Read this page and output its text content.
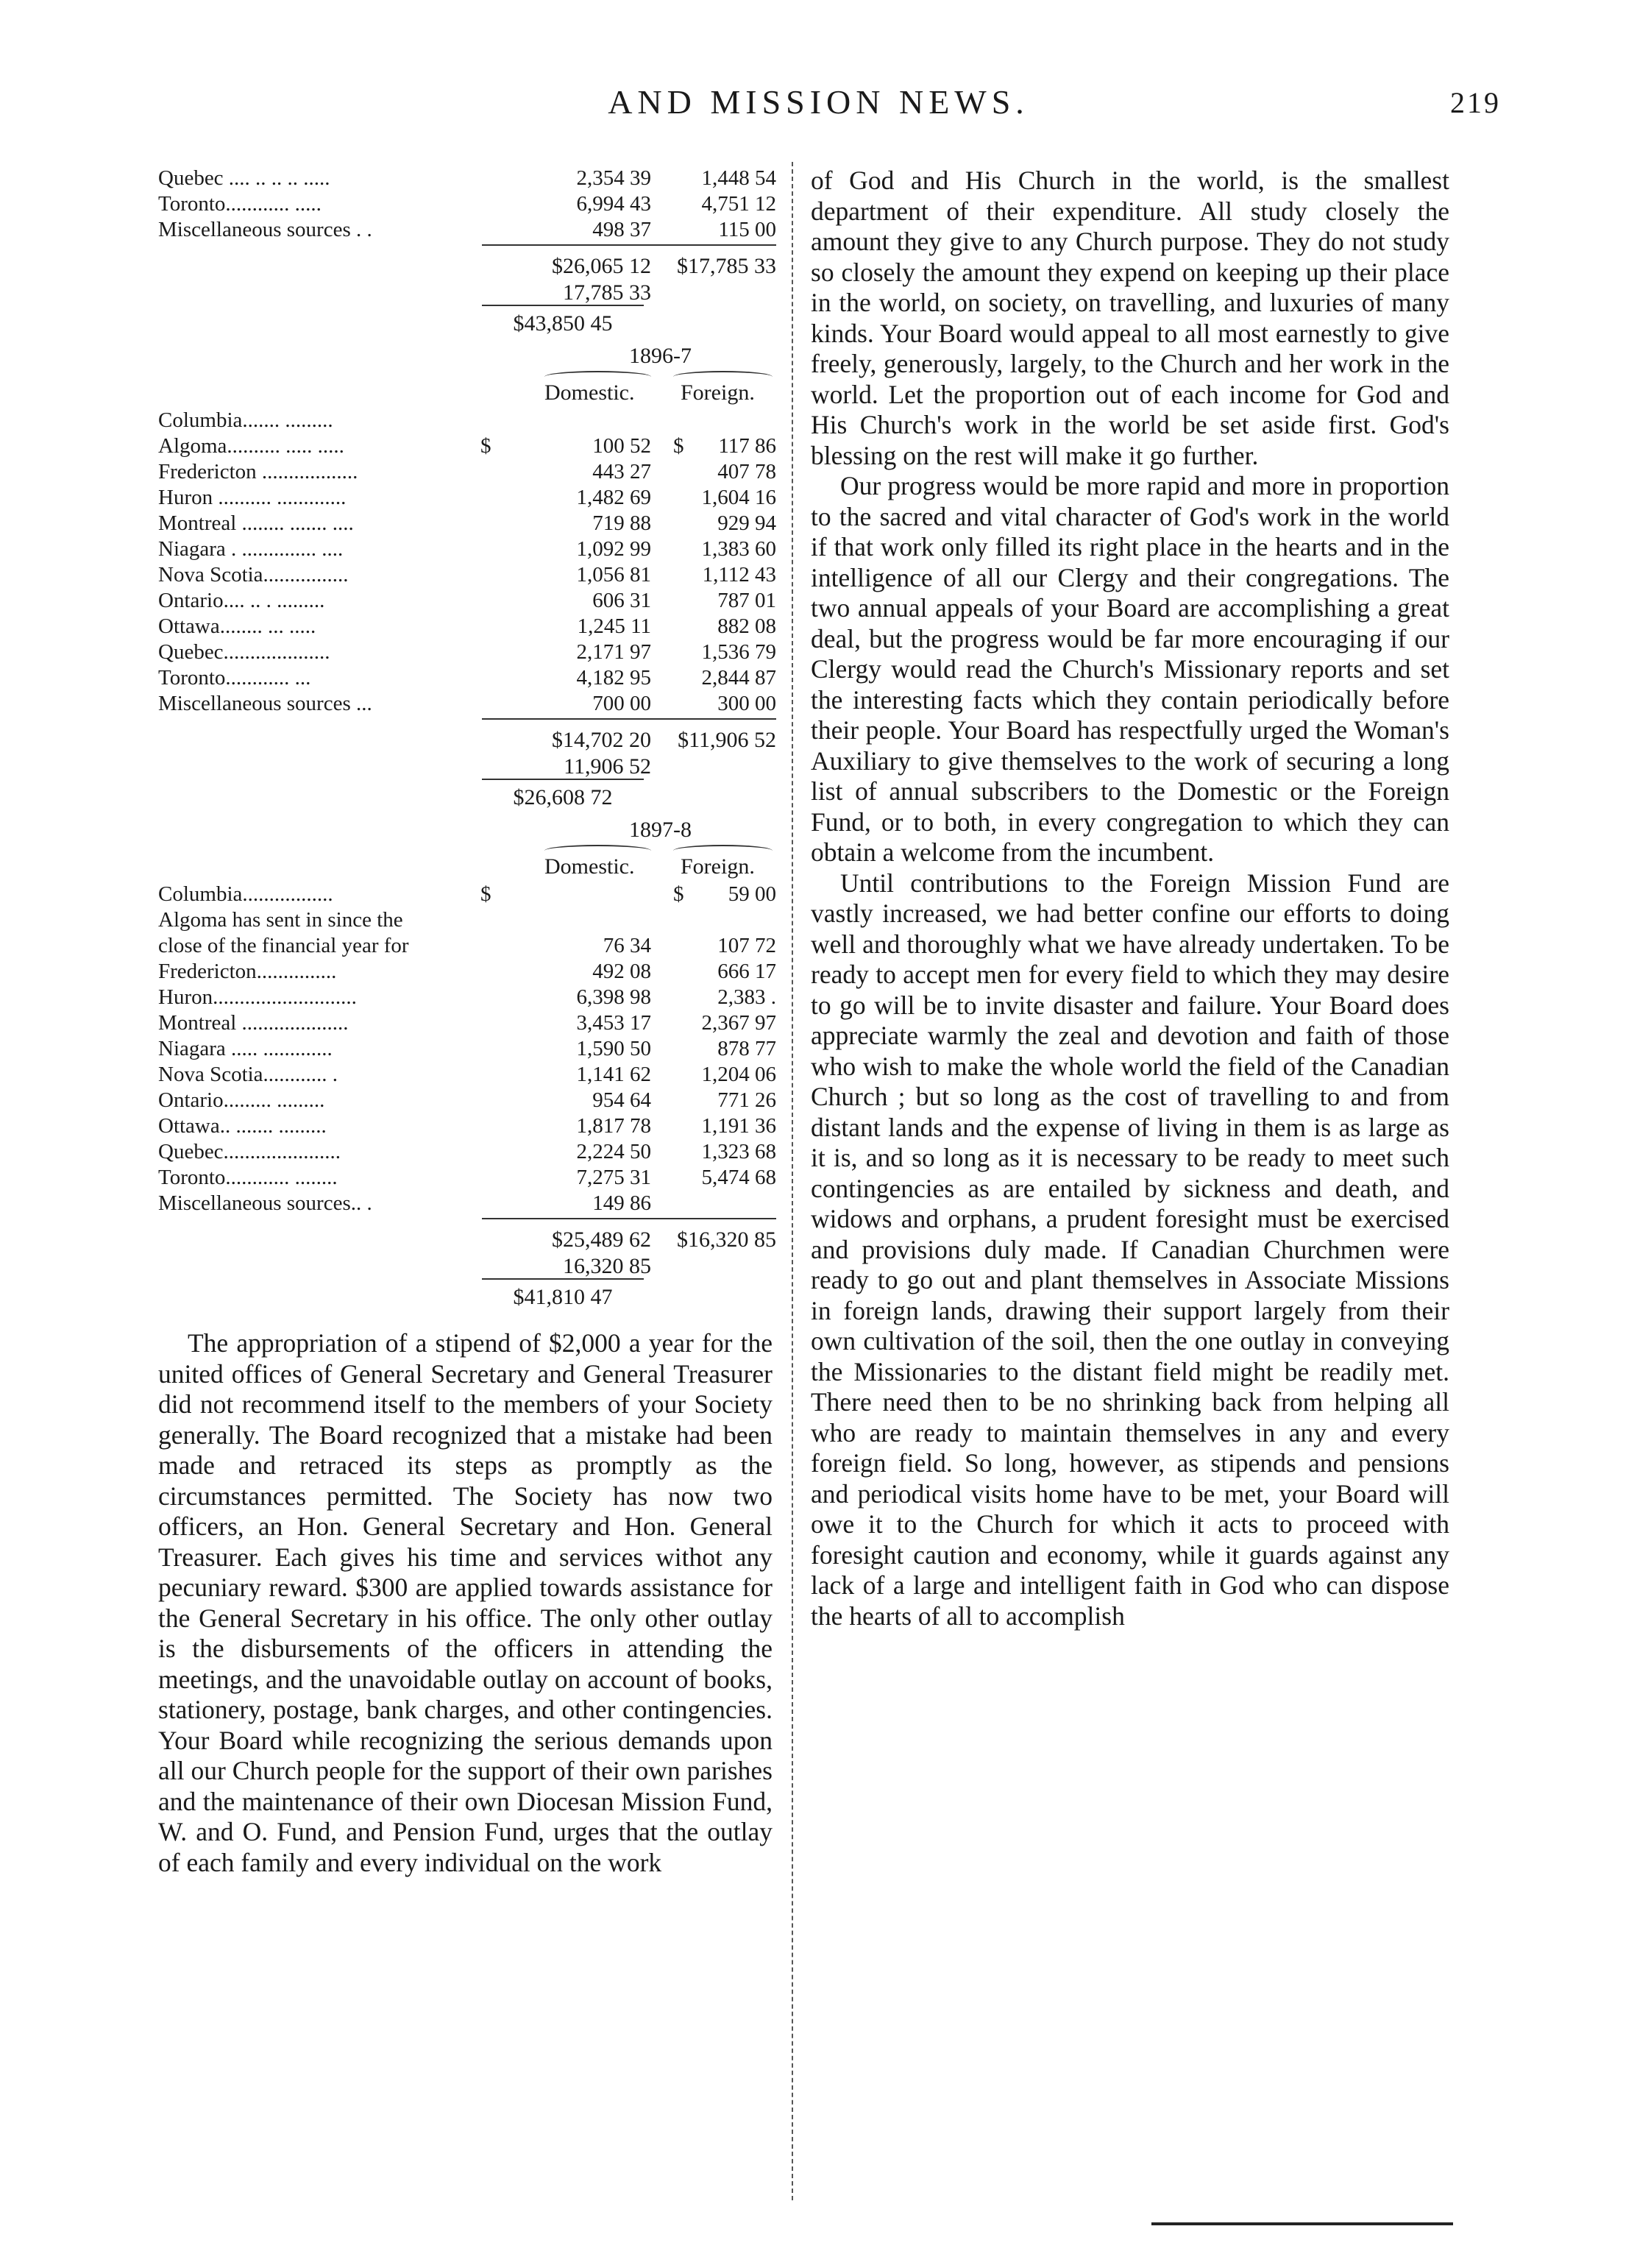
AND MISSION NEWS.	219
Quebec .... .. .. .. .....	2,354 39	1,448 54
Toronto............ .....	6,994 43	4,751 12
Miscellaneous sources . .	498 37	115 00
$26,065 12	$17,785 33
17,785 33
$43,850 45
1896-7
Domestic. Foreign.
Columbia....... .........
Algoma.......... ..... .....	$	100 52 $	117 86
Fredericton ..................	443 27	407 78
Huron .......... .............	1,482 69	1,604 16
Montreal ........ ....... ....	719 88	929 94
Niagara . .............. ....	1,092 99	1,383 60
Nova Scotia................	1,056 81	1,112 43
Ontario.... .. . .........	606 31	787 01
Ottawa........ ... .....	1,245 11	882 08
Quebec....................	2,171 97	1,536 79
Toronto............ ...	4,182 95	2,844 87
Miscellaneous sources ...	700 00	300 00
$14,702 20	$11,906 52
11,906 52
$26,608 72
1897-8
Domestic. Foreign.
Columbia.................	$	$	59 00
Algoma has sent in since the
close of the financial year for	76 34	107 72
Fredericton...............	492 08	666 17
Huron...........................	6,398 98	2,383 .
Montreal ....................	3,453 17	2,367 97
Niagara ..... .............	1,590 50	878 77
Nova Scotia............ .	1,141 62	1,204 06
Ontario......... .........	954 64	771 26
Ottawa.. ....... .........	1,817 78	1,191 36
Quebec......................	2,224 50	1,323 68
Toronto............ ........	7,275 31	5,474 68
Miscellaneous sources.. .	149 86
$25,489 62	$16,320 85
16,320 85
$41,810 47

The appropriation of a stipend of $2,000 a year for the united offices of General Secretary and General Treasurer did not recommend itself to the members of your Society generally. The Board recognized that a mistake had been made and retraced its steps as promptly as the circumstances permitted. The Society has now two officers, an Hon. General Secretary and Hon. General Treasurer. Each gives his time and services withot any pecuniary reward. $300 are applied towards assistance for the General Secretary in his office. The only other outlay is the disbursements of the officers in attending the meetings, and the unavoidable outlay on account of books, stationery, postage, bank charges, and other contingencies. Your Board while recognizing the serious demands upon all our Church people for the support of their own parishes and the maintenance of their own Diocesan Mission Fund, W. and O. Fund, and Pension Fund, urges that the outlay of each family and every individual on the work

of God and His Church in the world, is the smallest department of their expenditure. All study closely the amount they give to any Church purpose. They do not study so closely the amount they expend on keeping up their place in the world, on society, on travelling, and luxuries of many kinds. Your Board would appeal to all most earnestly to give freely, generously, largely, to the Church and her work in the world. Let the proportion out of each income for God and His Church's work in the world be set aside first. God's blessing on the rest will make it go further.

Our progress would be more rapid and more in proportion to the sacred and vital character of God's work in the world if that work only filled its right place in the hearts and in the intelligence of all our Clergy and their congregations. The two annual appeals of your Board are accomplishing a great deal, but the progress would be far more encouraging if our Clergy would read the Church's Missionary reports and set the interesting facts which they contain periodically before their people. Your Board has respectfully urged the Woman's Auxiliary to give themselves to the work of securing a long list of annual subscribers to the Domestic or the Foreign Fund, or to both, in every congregation to which they can obtain a welcome from the incumbent.

Until contributions to the Foreign Mission Fund are vastly increased, we had better confine our efforts to doing well and thoroughly what we have already undertaken. To be ready to accept men for every field to which they may desire to go will be to invite disaster and failure. Your Board does appreciate warmly the zeal and devotion and faith of those who wish to make the whole world the field of the Canadian Church ; but so long as the cost of travelling to and from distant lands and the expense of living in them is as large as it is, and so long as it is necessary to be ready to meet such contingencies as are entailed by sickness and death, and widows and orphans, a prudent foresight must be exercised and provisions duly made. If Canadian Churchmen were ready to go out and plant themselves in Associate Missions in foreign lands, drawing their support largely from their own cultivation of the soil, then the one outlay in conveying the Missionaries to the distant field might be readily met. There need then to be no shrinking back from helping all who are ready to maintain themselves in any and every foreign field. So long, however, as stipends and pensions and periodical visits home have to be met, your Board will owe it to the Church for which it acts to proceed with foresight caution and economy, while it guards against any lack of a large and intelligent faith in God who can dispose the hearts of all to accomplish
